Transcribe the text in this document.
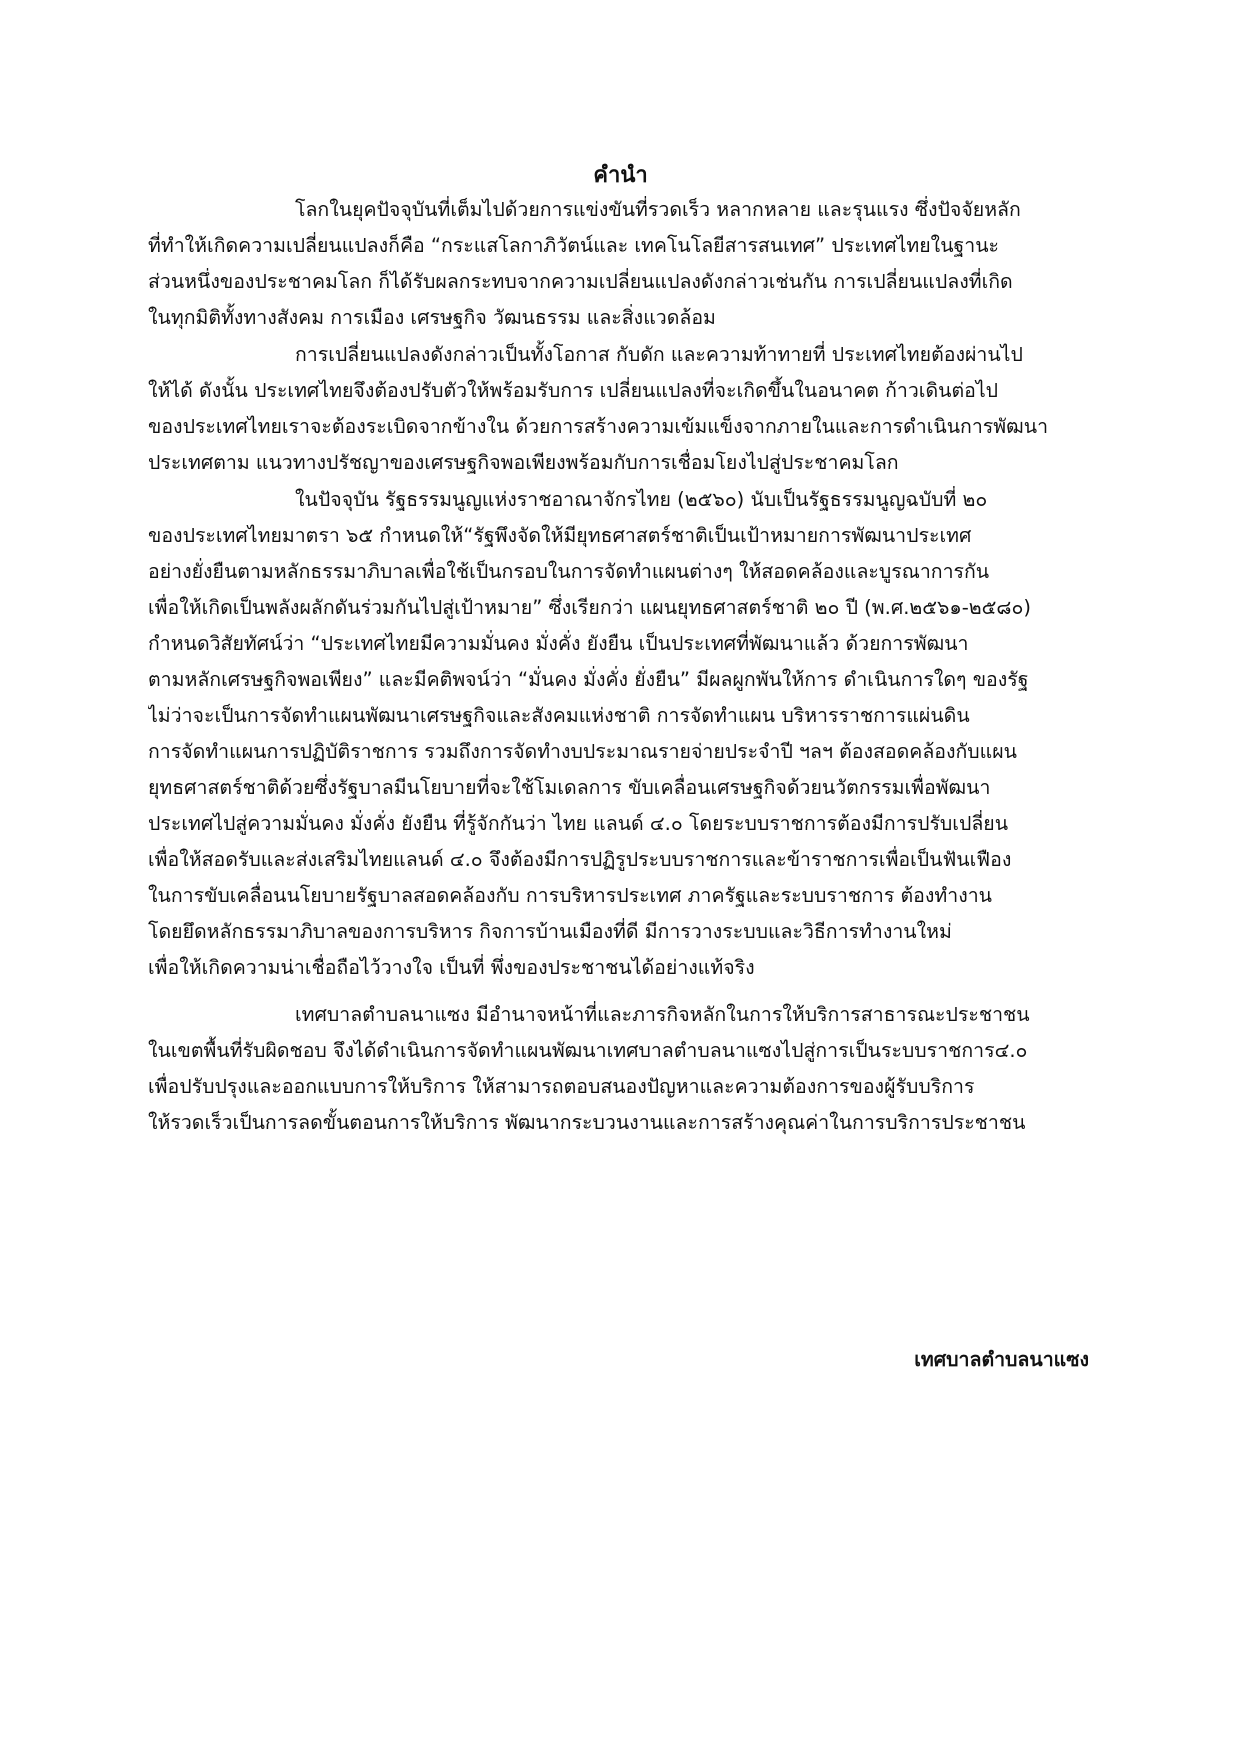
คำนำ

โลกในยุคปัจจุบันที่เต็มไปด้วยการแข่งขันที่รวดเร็ว หลากหลาย และรุนแรง ซึ่งปัจจัยหลัก
ที่ทำให้เกิดความเปลี่ยนแปลงก็คือ “กระแสโลกาภิวัตน์และ เทคโนโลยีสารสนเทศ” ประเทศไทยในฐานะ
ส่วนหนึ่งของประชาคมโลก ก็ได้รับผลกระทบจากความเปลี่ยนแปลงดังกล่าวเช่นกัน การเปลี่ยนแปลงที่เกิด
ในทุกมิติทั้งทางสังคม การเมือง เศรษฐกิจ วัฒนธรรม และสิ่งแวดล้อม

การเปลี่ยนแปลงดังกล่าวเป็นทั้งโอกาส กับดัก และความท้าทายที่ ประเทศไทยต้องผ่านไป
ให้ได้ ดังนั้น ประเทศไทยจึงต้องปรับตัวให้พร้อมรับการ เปลี่ยนแปลงที่จะเกิดขึ้นในอนาคต ก้าวเดินต่อไป
ของประเทศไทยเราจะต้องระเบิดจากข้างใน ด้วยการสร้างความเข้มแข็งจากภายในและการดำเนินการพัฒนา
ประเทศตาม แนวทางปรัชญาของเศรษฐกิจพอเพียงพร้อมกับการเชื่อมโยงไปสู่ประชาคมโลก

ในปัจจุบัน รัฐธรรมนูญแห่งราชอาณาจักรไทย (๒๕๖๐) นับเป็นรัฐธรรมนูญฉบับที่ ๒๐
ของประเทศไทยมาตรา ๖๕ กำหนดให้“รัฐพึงจัดให้มียุทธศาสตร์ชาติเป็นเป้าหมายการพัฒนาประเทศ
อย่างยั่งยืนตามหลักธรรมาภิบาลเพื่อใช้เป็นกรอบในการจัดทำแผนต่างๆ ให้สอดคล้องและบูรณาการกัน
เพื่อให้เกิดเป็นพลังผลักดันร่วมกันไปสู่เป้าหมาย” ซึ่งเรียกว่า แผนยุทธศาสตร์ชาติ ๒๐ ปี (พ.ศ.๒๕๖๑-๒๕๘๐)
กำหนดวิสัยทัศน์ว่า “ประเทศไทยมีความมั่นคง มั่งคั่ง ยังยืน เป็นประเทศที่พัฒนาแล้ว ด้วยการพัฒนา
ตามหลักเศรษฐกิจพอเพียง” และมีคติพจน์ว่า “มั่นคง มั่งคั่ง ยั่งยืน” มีผลผูกพันให้การ ดำเนินการใดๆ ของรัฐ
ไม่ว่าจะเป็นการจัดทำแผนพัฒนาเศรษฐกิจและสังคมแห่งชาติ การจัดทำแผน บริหารราชการแผ่นดิน
การจัดทำแผนการปฏิบัติราชการ รวมถึงการจัดทำงบประมาณรายจ่ายประจำปี ฯลฯ ต้องสอดคล้องกับแผน
ยุทธศาสตร์ชาติด้วยซึ่งรัฐบาลมีนโยบายที่จะใช้โมเดลการ ขับเคลื่อนเศรษฐกิจด้วยนวัตกรรมเพื่อพัฒนา
ประเทศไปสู่ความมั่นคง มั่งคั่ง ยังยืน ที่รู้จักกันว่า ไทย แลนด์ ๔.๐ โดยระบบราชการต้องมีการปรับเปลี่ยน
เพื่อให้สอดรับและส่งเสริมไทยแลนด์ ๔.๐ จึงต้องมีการปฏิรูประบบราชการและข้าราชการเพื่อเป็นฟันเฟือง
ในการขับเคลื่อนนโยบายรัฐบาลสอดคล้องกับ การบริหารประเทศ ภาครัฐและระบบราชการ ต้องทำงาน
โดยยึดหลักธรรมาภิบาลของการบริหาร กิจการบ้านเมืองที่ดี มีการวางระบบและวิธีการทำงานใหม่
เพื่อให้เกิดความน่าเชื่อถือไว้วางใจ เป็นที่ พึ่งของประชาชนได้อย่างแท้จริง

เทศบาลตำบลนาแซง มีอำนาจหน้าที่และภารกิจหลักในการให้บริการสาธารณะประชาชน
ในเขตพื้นที่รับผิดชอบ จึงได้ดำเนินการจัดทำแผนพัฒนาเทศบาลตำบลนาแซงไปสู่การเป็นระบบราชการ๔.๐
เพื่อปรับปรุงและออกแบบการให้บริการ ให้สามารถตอบสนองปัญหาและความต้องการของผู้รับบริการ
ให้รวดเร็วเป็นการลดขั้นตอนการให้บริการ พัฒนากระบวนงานและการสร้างคุณค่าในการบริการประชาชน

เทศบาลตำบลนาแซง
